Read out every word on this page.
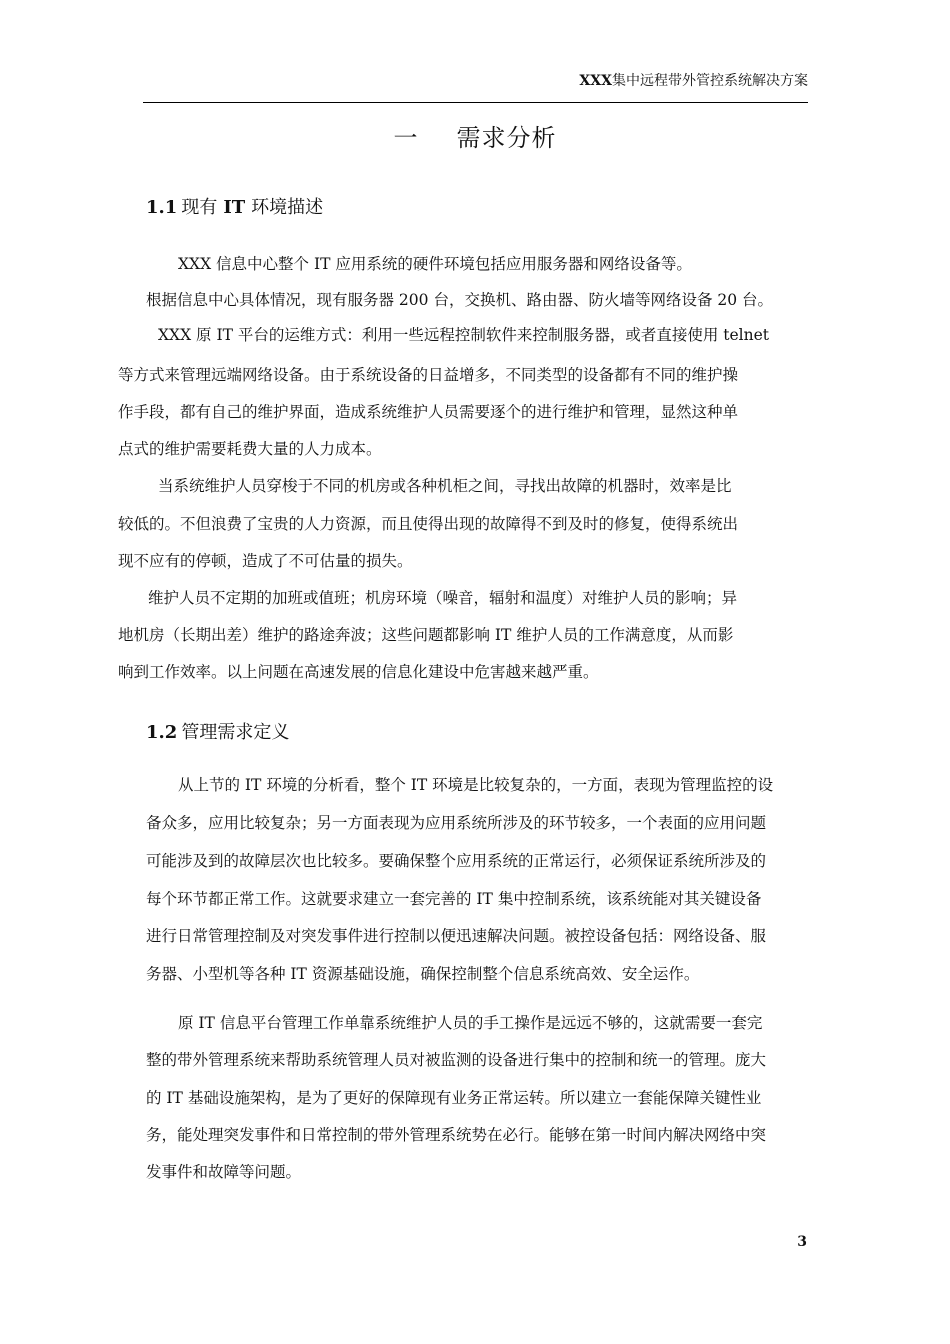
XXX集中远程带外管控系统解决方案
一 需求分析
1.1 现有 IT 环境描述
XXX 信息中心整个 IT 应用系统的硬件环境包括应用服务器和网络设备等。
根据信息中心具体情况，现有服务器 200 台，交换机、路由器、防火墙等网络设备 20 台。
XXX 原 IT 平台的运维方式：利用一些远程控制软件来控制服务器，或者直接使用 telnet
等方式来管理远端网络设备。由于系统设备的日益增多，不同类型的设备都有不同的维护操
作手段，都有自己的维护界面，造成系统维护人员需要逐个的进行维护和管理，显然这种单
点式的维护需要耗费大量的人力成本。
当系统维护人员穿梭于不同的机房或各种机柜之间，寻找出故障的机器时，效率是比
较低的。不但浪费了宝贵的人力资源，而且使得出现的故障得不到及时的修复，使得系统出
现不应有的停顿，造成了不可估量的损失。
维护人员不定期的加班或值班；机房环境（噪音，辐射和温度）对维护人员的影响；异
地机房（长期出差）维护的路途奔波；这些问题都影响 IT 维护人员的工作满意度，从而影
响到工作效率。以上问题在高速发展的信息化建设中危害越来越严重。
1.2 管理需求定义
从上节的 IT 环境的分析看，整个 IT 环境是比较复杂的，一方面，表现为管理监控的设
备众多，应用比较复杂；另一方面表现为应用系统所涉及的环节较多，一个表面的应用问题
可能涉及到的故障层次也比较多。要确保整个应用系统的正常运行，必须保证系统所涉及的
每个环节都正常工作。这就要求建立一套完善的 IT 集中控制系统，该系统能对其关键设备
进行日常管理控制及对突发事件进行控制以便迅速解决问题。被控设备包括：网络设备、服
务器、小型机等各种 IT 资源基础设施，确保控制整个信息系统高效、安全运作。
原 IT 信息平台管理工作单靠系统维护人员的手工操作是远远不够的，这就需要一套完
整的带外管理系统来帮助系统管理人员对被监测的设备进行集中的控制和统一的管理。庞大
的 IT 基础设施架构，是为了更好的保障现有业务正常运转。所以建立一套能保障关键性业
务，能处理突发事件和日常控制的带外管理系统势在必行。能够在第一时间内解决网络中突
发事件和故障等问题。
3
